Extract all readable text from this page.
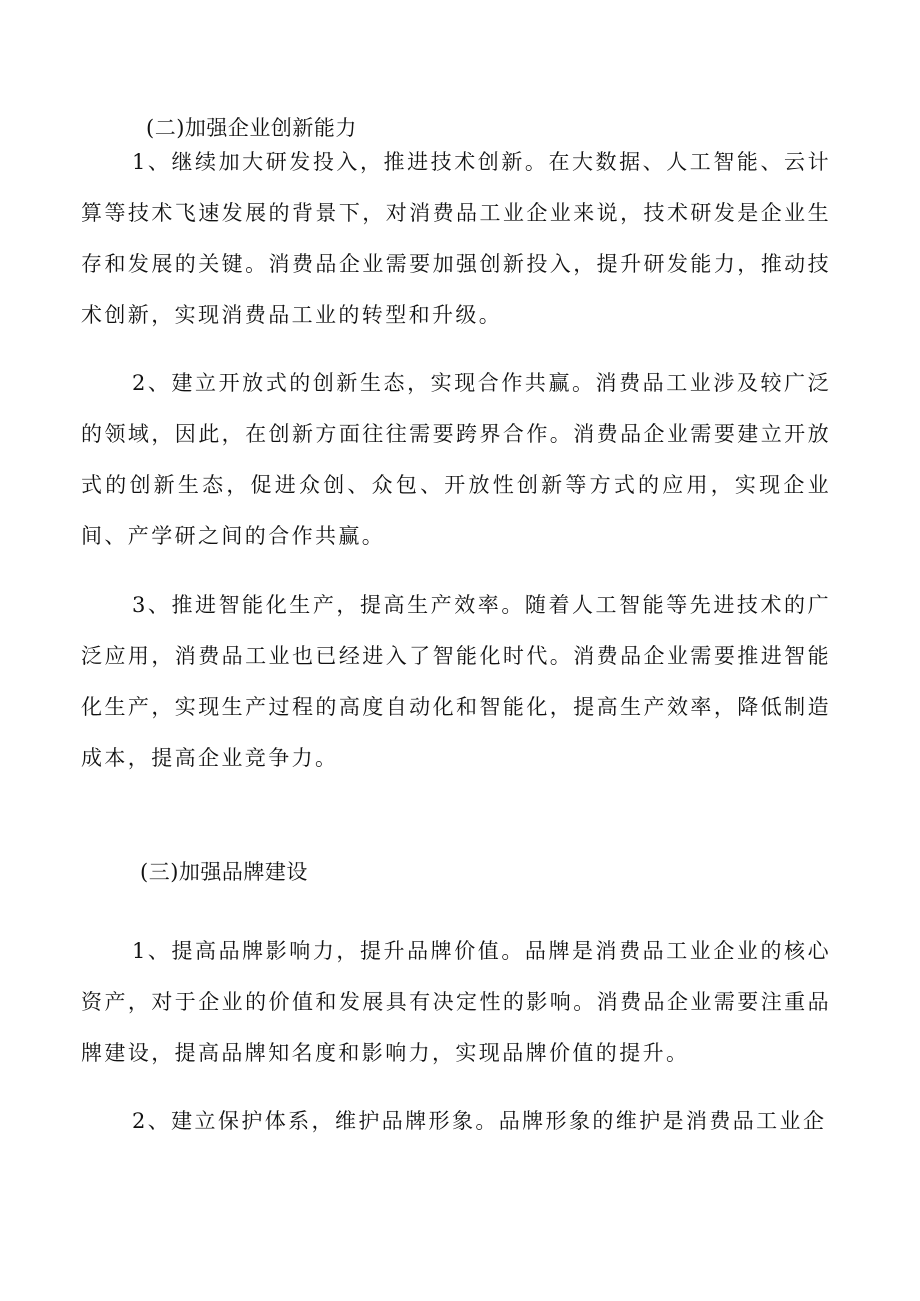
(二)加强企业创新能力

1、继续加大研发投入，推进技术创新。在大数据、人工智能、云计算等技术飞速发展的背景下，对消费品工业企业来说，技术研发是企业生存和发展的关键。消费品企业需要加强创新投入，提升研发能力，推动技术创新，实现消费品工业的转型和升级。

2、建立开放式的创新生态，实现合作共赢。消费品工业涉及较广泛的领域，因此，在创新方面往往需要跨界合作。消费品企业需要建立开放式的创新生态，促进众创、众包、开放性创新等方式的应用，实现企业间、产学研之间的合作共赢。

3、推进智能化生产，提高生产效率。随着人工智能等先进技术的广泛应用，消费品工业也已经进入了智能化时代。消费品企业需要推进智能化生产，实现生产过程的高度自动化和智能化，提高生产效率，降低制造成本，提高企业竞争力。

(三)加强品牌建设

1、提高品牌影响力，提升品牌价值。品牌是消费品工业企业的核心资产，对于企业的价值和发展具有决定性的影响。消费品企业需要注重品牌建设，提高品牌知名度和影响力，实现品牌价值的提升。

2、建立保护体系，维护品牌形象。品牌形象的维护是消费品工业企
